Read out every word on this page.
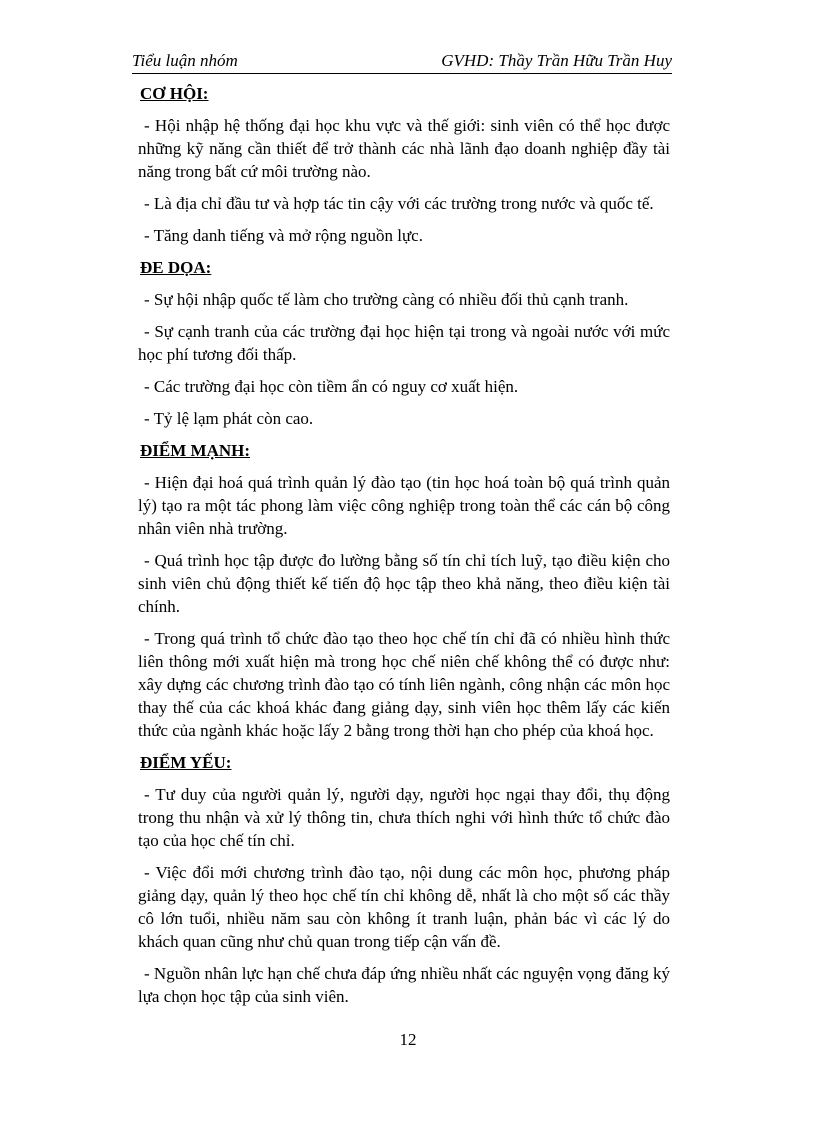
Tiểu luận nhóm	GVHD: Thầy Trần Hữu Trần Huy

CƠ HỘI:

- Hội nhập hệ thống đại học khu vực và thế giới: sinh viên có thể học được những kỹ năng cần thiết để trở thành các nhà lãnh đạo doanh nghiệp đầy tài năng trong bất cứ môi trường nào.

- Là địa chỉ đầu tư và hợp tác tin cậy với các trường trong nước và quốc tế.

- Tăng danh tiếng và mở rộng nguồn lực.

ĐE DỌA:

- Sự hội nhập quốc tế làm cho trường càng có nhiều đối thủ cạnh tranh.

- Sự cạnh tranh của các trường đại học hiện tại trong và ngoài nước với mức học phí tương đối thấp.

- Các trường đại học còn tiềm ẩn có nguy cơ xuất hiện.

- Tỷ lệ lạm phát còn cao.

ĐIỂM MẠNH:

- Hiện đại hoá quá trình quản lý đào tạo (tin học hoá toàn bộ quá trình quản lý) tạo ra một tác phong làm việc công nghiệp trong toàn thể các cán bộ công nhân viên nhà trường.

- Quá trình học tập được đo lường bằng số tín chỉ tích luỹ, tạo điều kiện cho sinh viên chủ động thiết kế tiến độ học tập theo khả năng, theo điều kiện tài chính.

- Trong quá trình tổ chức đào tạo theo học chế tín chỉ đã có nhiều hình thức liên thông mới xuất hiện mà trong học chế niên chế không thể có được như: xây dựng các chương trình đào tạo có tính liên ngành, công nhận các môn học thay thế của các khoá khác đang giảng dạy, sinh viên học thêm lấy các kiến thức của ngành khác hoặc lấy 2 bằng trong thời hạn cho phép của khoá học.

ĐIỂM YẾU:

- Tư duy của người quản lý, người dạy, người học ngại thay đổi, thụ động trong thu nhận và xử lý thông tin, chưa thích nghi với hình thức tổ chức đào tạo của học chế tín chỉ.

- Việc đổi mới chương trình đào tạo, nội dung các môn học, phương pháp giảng dạy, quản lý theo học chế tín chỉ không dễ, nhất là cho một số các thầy cô lớn tuổi, nhiều năm sau còn không ít tranh luận, phản bác vì các lý do khách quan cũng như chủ quan trong tiếp cận vấn đề.

- Nguồn nhân lực hạn chế chưa đáp ứng nhiều nhất các nguyện vọng đăng ký lựa chọn học tập của sinh viên.

12
